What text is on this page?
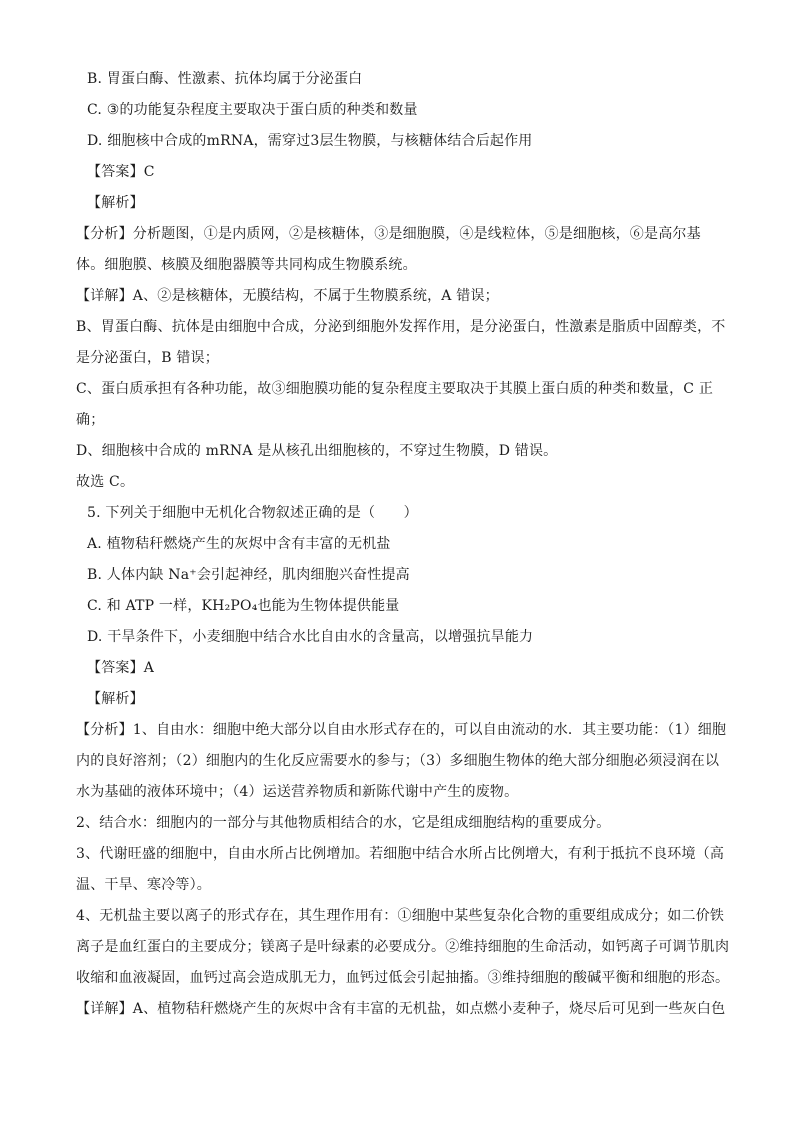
B. 胃蛋白酶、性激素、抗体均属于分泌蛋白
C. ③的功能复杂程度主要取决于蛋白质的种类和数量
D. 细胞核中合成的mRNA，需穿过3层生物膜，与核糖体结合后起作用
【答案】C
【解析】
【分析】分析题图，①是内质网，②是核糖体，③是细胞膜，④是线粒体，⑤是细胞核，⑥是高尔基
体。细胞膜、核膜及细胞器膜等共同构成生物膜系统。
【详解】A、②是核糖体，无膜结构，不属于生物膜系统，A 错误；
B、胃蛋白酶、抗体是由细胞中合成，分泌到细胞外发挥作用，是分泌蛋白，性激素是脂质中固醇类，不
是分泌蛋白，B 错误；
C、蛋白质承担有各种功能，故③细胞膜功能的复杂程度主要取决于其膜上蛋白质的种类和数量，C 正
确；
D、细胞核中合成的 mRNA 是从核孔出细胞核的，不穿过生物膜，D 错误。
故选 C。
5. 下列关于细胞中无机化合物叙述正确的是（　　）
A. 植物秸秆燃烧产生的灰烬中含有丰富的无机盐
B. 人体内缺 Na⁺会引起神经，肌肉细胞兴奋性提高
C. 和 ATP 一样，KH₂PO₄也能为生物体提供能量
D. 干旱条件下，小麦细胞中结合水比自由水的含量高，以增强抗旱能力
【答案】A
【解析】
【分析】1、自由水：细胞中绝大部分以自由水形式存在的，可以自由流动的水．其主要功能：（1）细胞
内的良好溶剂；（2）细胞内的生化反应需要水的参与；（3）多细胞生物体的绝大部分细胞必须浸润在以
水为基础的液体环境中；（4）运送营养物质和新陈代谢中产生的废物。
2、结合水：细胞内的一部分与其他物质相结合的水，它是组成细胞结构的重要成分。
3、代谢旺盛的细胞中，自由水所占比例增加。若细胞中结合水所占比例增大，有利于抵抗不良环境（高
温、干旱、寒冷等）。
4、无机盐主要以离子的形式存在，其生理作用有：①细胞中某些复杂化合物的重要组成成分；如二价铁
离子是血红蛋白的主要成分；镁离子是叶绿素的必要成分。②维持细胞的生命活动，如钙离子可调节肌肉
收缩和血液凝固，血钙过高会造成肌无力，血钙过低会引起抽搐。③维持细胞的酸碱平衡和细胞的形态。
【详解】A、植物秸秆燃烧产生的灰烬中含有丰富的无机盐，如点燃小麦种子，烧尽后可见到一些灰白色
